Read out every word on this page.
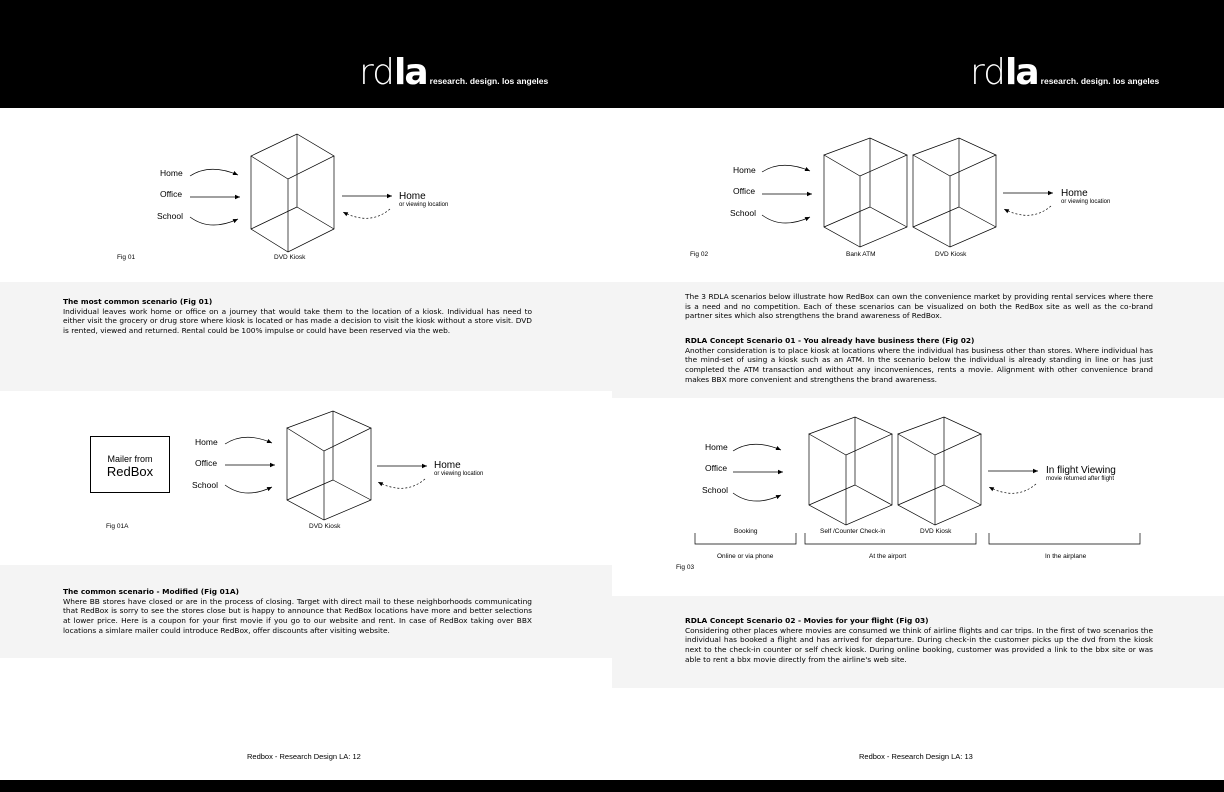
rd la research. design. los angeles	rd la research. design. los angeles
Home
Office
School
Home
or viewing location
Fig 01	DVD Kiosk
The most common scenario (Fig 01)
Individual leaves work home or office on a journey that would take them to the location of a kiosk. Individual has need to either visit the grocery or drug store where kiosk is located or has made a decision to visit the kiosk without a store visit. DVD is rented, viewed and returned. Rental could be 100% impulse or could have been reserved via the web.
Mailer from
RedBox
Home
Office
School
Home
or viewing location
Fig 01A	DVD Kiosk
The common scenario - Modified (Fig 01A)
Where BB stores have closed or are in the process of closing. Target with direct mail to these neighborhoods communicating that RedBox is sorry to see the stores close but is happy to announce that RedBox locations have more and better selections at lower price. Here is a coupon for your first movie if you go to our website and rent. In case of RedBox taking over BBX locations a simlare mailer could introduce RedBox, offer discounts after visiting website.
Redbox - Research Design LA: 12
Home
Office
School
Home
or viewing location
Fig 02	Bank ATM	DVD Kiosk
The 3 RDLA scenarios below illustrate how RedBox can own the convenience market by providing rental services where there is a need and no competition. Each of these scenarios can be visualized on both the RedBox site as well as the co-brand partner sites which also strengthens the brand awareness of RedBox.
RDLA Concept Scenario 01 - You already have business there (Fig 02)
Another consideration is to place kiosk at locations where the individual has business other than stores. Where individual has the mind-set of using a kiosk such as an ATM. In the scenario below the individual is already standing in line or has just completed the ATM transaction and without any inconveniences, rents a movie. Alignment with other convenience brand makes BBX more convenient and strengthens the brand awareness.
Home
Office
School
In flight Viewing
movie returned after flight
Booking	Self /Counter Check-in	DVD Kiosk
Online or via phone	At the airport	In the airplane
Fig 03
RDLA Concept Scenario 02 - Movies for your flight (Fig 03)
Considering other places where movies are consumed we think of airline flights and car trips. In the first of two scenarios the individual has booked a flight and has arrived for departure. During check-in the customer picks up the dvd from the kiosk next to the check-in counter or self check kiosk. During online booking, customer was provided a link to the bbx site or was able to rent a bbx movie directly from the airline's web site.
Redbox - Research Design LA: 13
